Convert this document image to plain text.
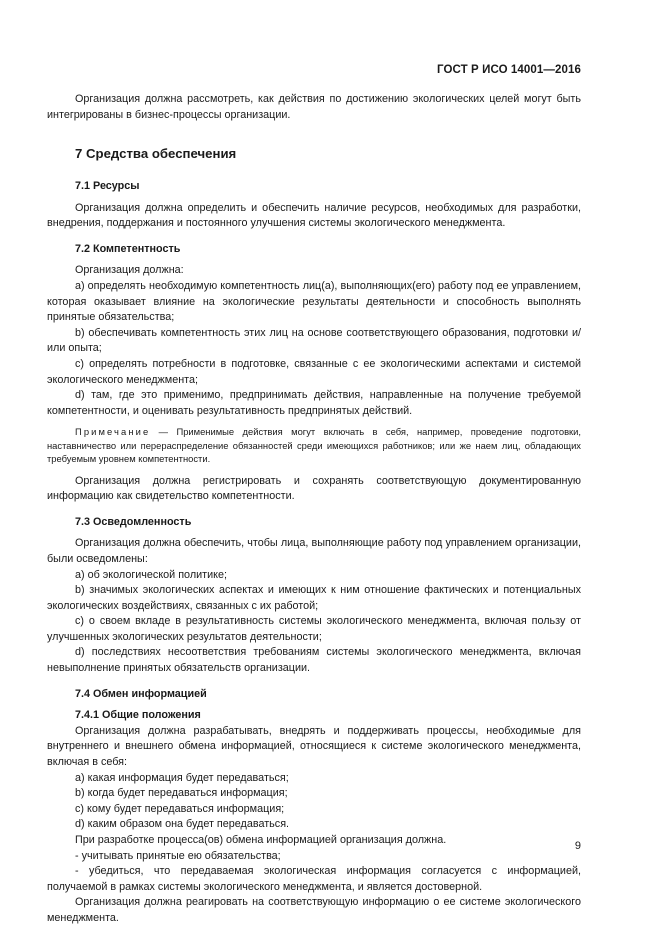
ГОСТ Р ИСО 14001—2016

Организация должна рассмотреть, как действия по достижению экологических целей могут быть интегрированы в бизнес-процессы организации.

7 Средства обеспечения

7.1 Ресурсы

Организация должна определить и обеспечить наличие ресурсов, необходимых для разработки, внедрения, поддержания и постоянного улучшения системы экологического менеджмента.

7.2 Компетентность

Организация должна:

а) определять необходимую компетентность лиц(а), выполняющих(его) работу под ее управлением, которая оказывает влияние на экологические результаты деятельности и способность выполнять принятые обязательства;

b) обеспечивать компетентность этих лиц на основе соответствующего образования, подготовки и/или опыта;

c) определять потребности в подготовке, связанные с ее экологическими аспектами и системой экологического менеджмента;

d) там, где это применимо, предпринимать действия, направленные на получение требуемой компетентности, и оценивать результативность предпринятых действий.

Примечание — Применимые действия могут включать в себя, например, проведение подготовки, наставничество или перераспределение обязанностей среди имеющихся работников; или же наем лиц, обладающих требуемым уровнем компетентности.

Организация должна регистрировать и сохранять соответствующую документированную информацию как свидетельство компетентности.

7.3 Осведомленность

Организация должна обеспечить, чтобы лица, выполняющие работу под управлением организации, были осведомлены:

а) об экологической политике;

b) значимых экологических аспектах и имеющих к ним отношение фактических и потенциальных экологических воздействиях, связанных с их работой;

c) о своем вкладе в результативность системы экологического менеджмента, включая пользу от улучшенных экологических результатов деятельности;

d) последствиях несоответствия требованиям системы экологического менеджмента, включая невыполнение принятых обязательств организации.

7.4 Обмен информацией

7.4.1 Общие положения

Организация должна разрабатывать, внедрять и поддерживать процессы, необходимые для внутреннего и внешнего обмена информацией, относящиеся к системе экологического менеджмента, включая в себя:

а) какая информация будет передаваться;

b) когда будет передаваться информация;

c) кому будет передаваться информация;

d) каким образом она будет передаваться.

При разработке процесса(ов) обмена информацией организация должна.

- учитывать принятые ею обязательства;

- убедиться, что передаваемая экологическая информация согласуется с информацией, получаемой в рамках системы экологического менеджмента, и является достоверной.

Организация должна реагировать на соответствующую информацию о ее системе экологического менеджмента.

9
